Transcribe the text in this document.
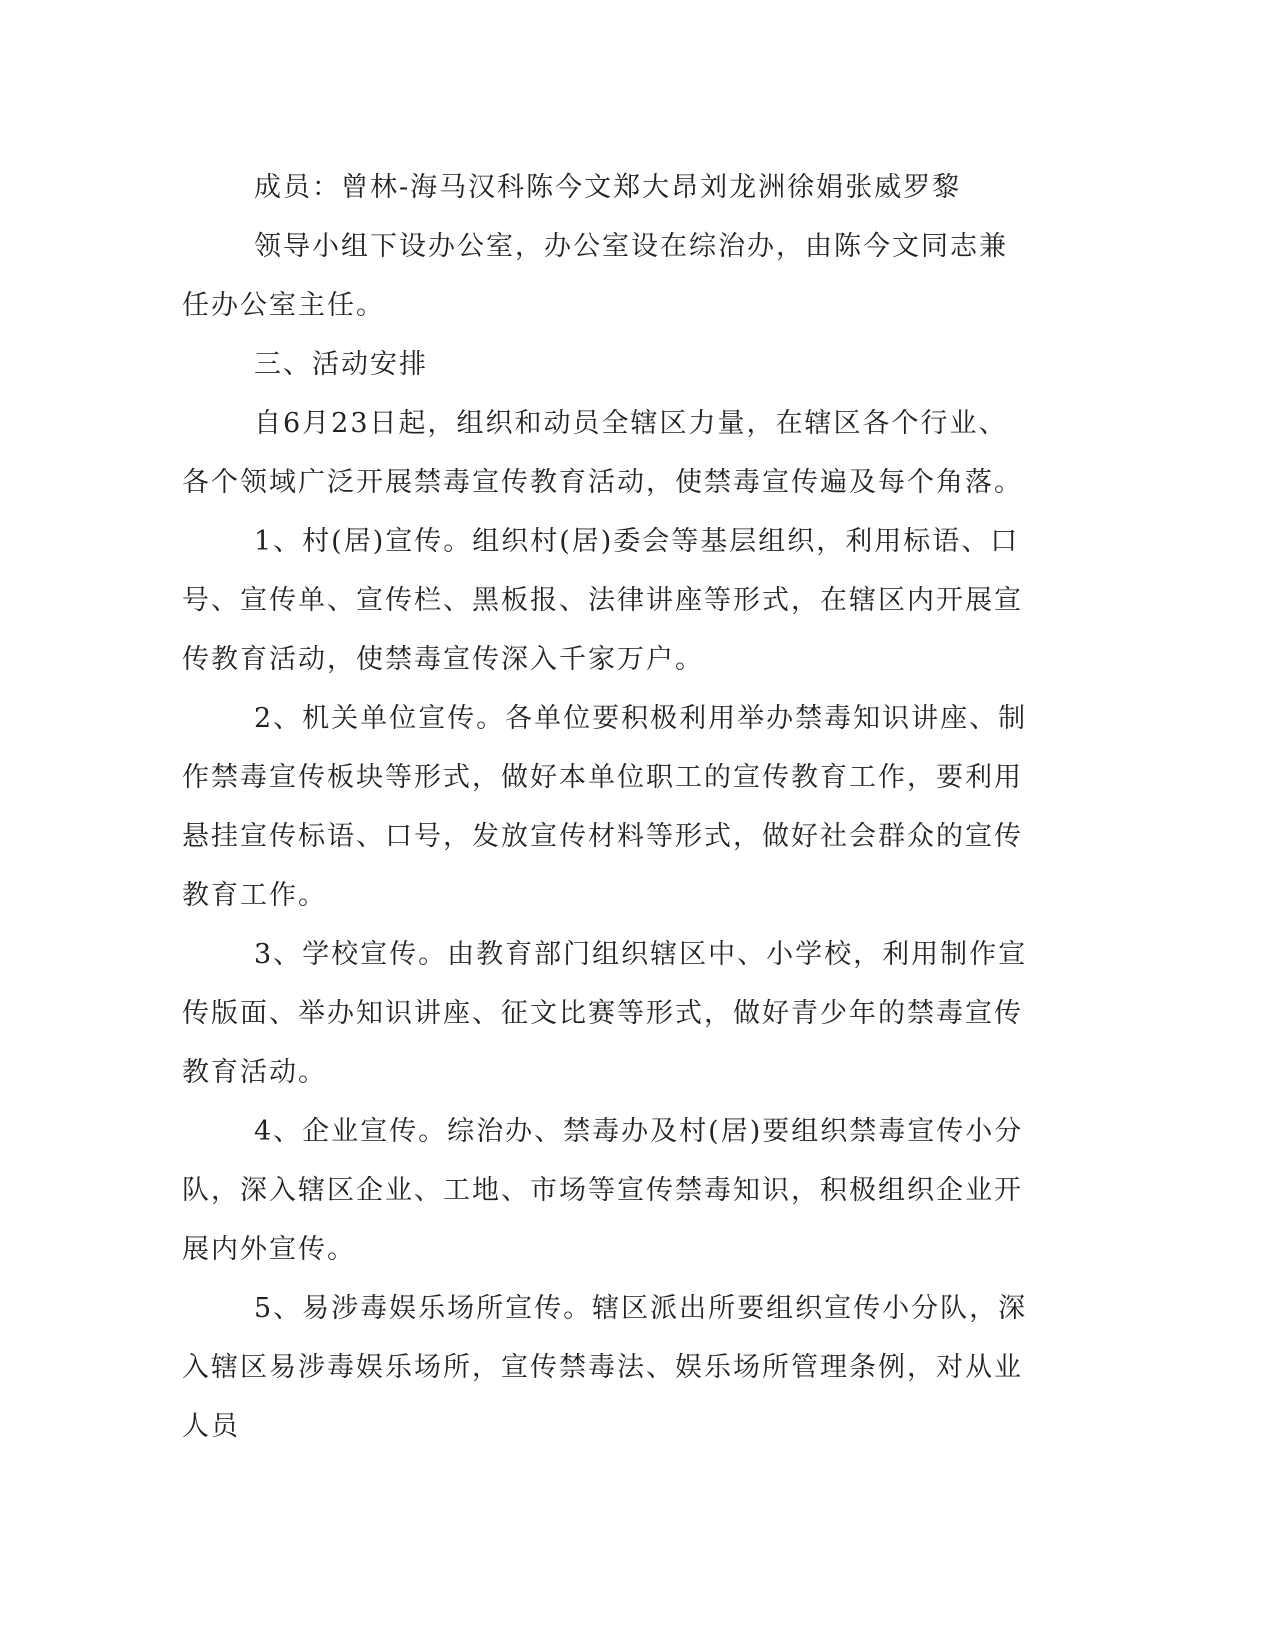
成员：曾林-海马汉科陈今文郑大昂刘龙洲徐娟张威罗黎

领导小组下设办公室，办公室设在综治办，由陈今文同志兼任办公室主任。

三、活动安排

自6月23日起，组织和动员全辖区力量，在辖区各个行业、各个领域广泛开展禁毒宣传教育活动，使禁毒宣传遍及每个角落。

1、村(居)宣传。组织村(居)委会等基层组织，利用标语、口号、宣传单、宣传栏、黑板报、法律讲座等形式，在辖区内开展宣传教育活动，使禁毒宣传深入千家万户。

2、机关单位宣传。各单位要积极利用举办禁毒知识讲座、制作禁毒宣传板块等形式，做好本单位职工的宣传教育工作，要利用悬挂宣传标语、口号，发放宣传材料等形式，做好社会群众的宣传教育工作。

3、学校宣传。由教育部门组织辖区中、小学校，利用制作宣传版面、举办知识讲座、征文比赛等形式，做好青少年的禁毒宣传教育活动。

4、企业宣传。综治办、禁毒办及村(居)要组织禁毒宣传小分队，深入辖区企业、工地、市场等宣传禁毒知识，积极组织企业开展内外宣传。

5、易涉毒娱乐场所宣传。辖区派出所要组织宣传小分队，深入辖区易涉毒娱乐场所，宣传禁毒法、娱乐场所管理条例，对从业人员
